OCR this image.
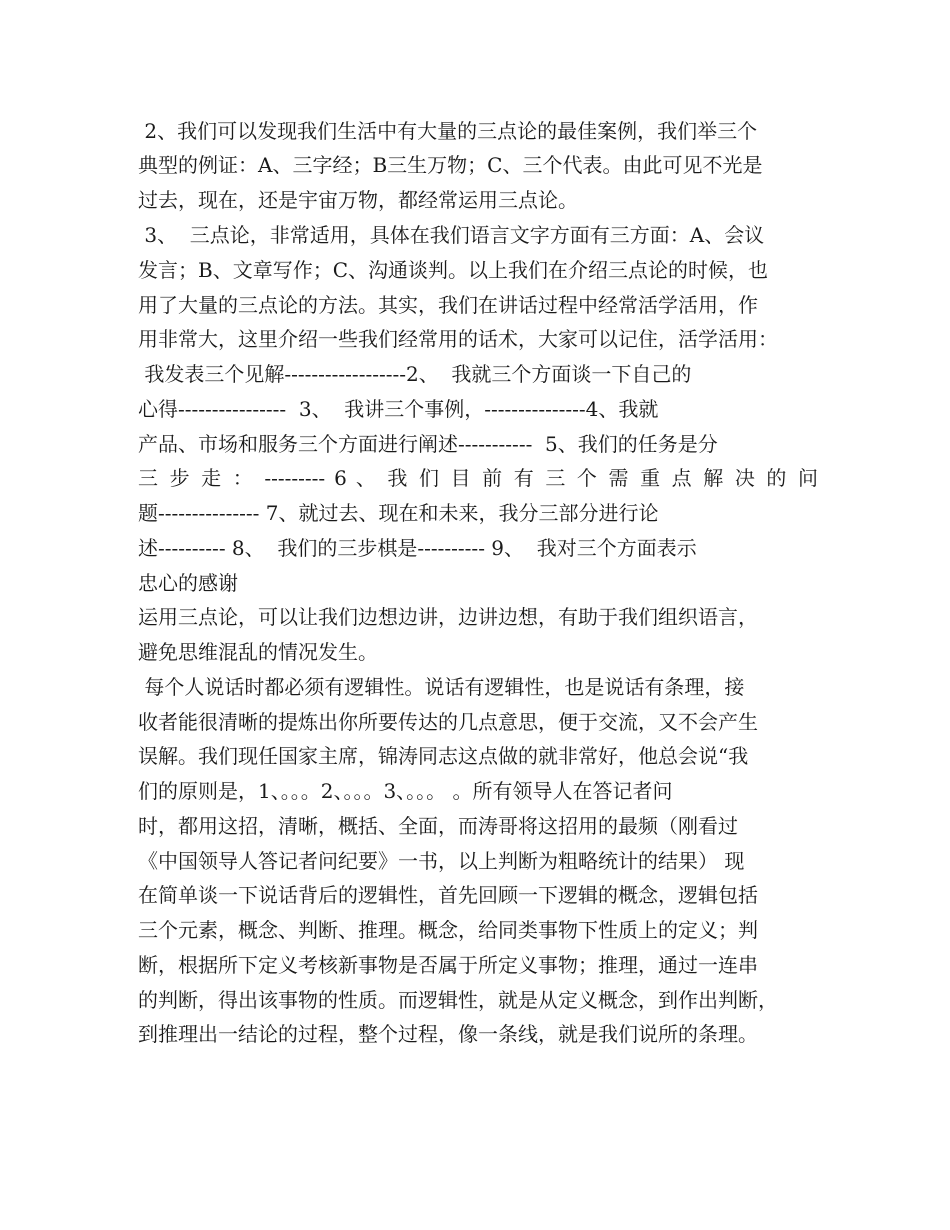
2、我们可以发现我们生活中有大量的三点论的最佳案例，我们举三个
典型的例证：A、三字经；B三生万物；C、三个代表。由此可见不光是
过去，现在，还是宇宙万物，都经常运用三点论。
3、  三点论，非常适用，具体在我们语言文字方面有三方面：A、会议
发言；B、文章写作；C、沟通谈判。以上我们在介绍三点论的时候，也
用了大量的三点论的方法。其实，我们在讲话过程中经常活学活用，作
用非常大，这里介绍一些我们经常用的话术，大家可以记住，活学活用：
我发表三个见解------------------2、  我就三个方面谈一下自己的
心得----------------  3、  我讲三个事例，---------------4、我就
产品、市场和服务三个方面进行阐述-----------  5、我们的任务是分
三 步 走 ： --------- 6 、 我 们 目 前 有 三 个 需 重 点 解 决 的 问
题--------------- 7、就过去、现在和未来，我分三部分进行论
述---------- 8、  我们的三步棋是---------- 9、  我对三个方面表示
忠心的感谢
运用三点论，可以让我们边想边讲，边讲边想，有助于我们组织语言，
避免思维混乱的情况发生。
每个人说话时都必须有逻辑性。说话有逻辑性，也是说话有条理，接
收者能很清晰的提炼出你所要传达的几点意思，便于交流，又不会产生
误解。我们现任国家主席，锦涛同志这点做的就非常好，他总会说“我
们的原则是，1、。。。2、。。。3、。。。 。所有领导人在答记者问
时，都用这招，清晰，概括、全面，而涛哥将这招用的最频（刚看过
《中国领导人答记者问纪要》一书，以上判断为粗略统计的结果） 现
在简单谈一下说话背后的逻辑性，首先回顾一下逻辑的概念，逻辑包括
三个元素，概念、判断、推理。概念，给同类事物下性质上的定义；判
断，根据所下定义考核新事物是否属于所定义事物；推理，通过一连串
的判断，得出该事物的性质。而逻辑性，就是从定义概念，到作出判断，
到推理出一结论的过程，整个过程，像一条线，就是我们说所的条理。
